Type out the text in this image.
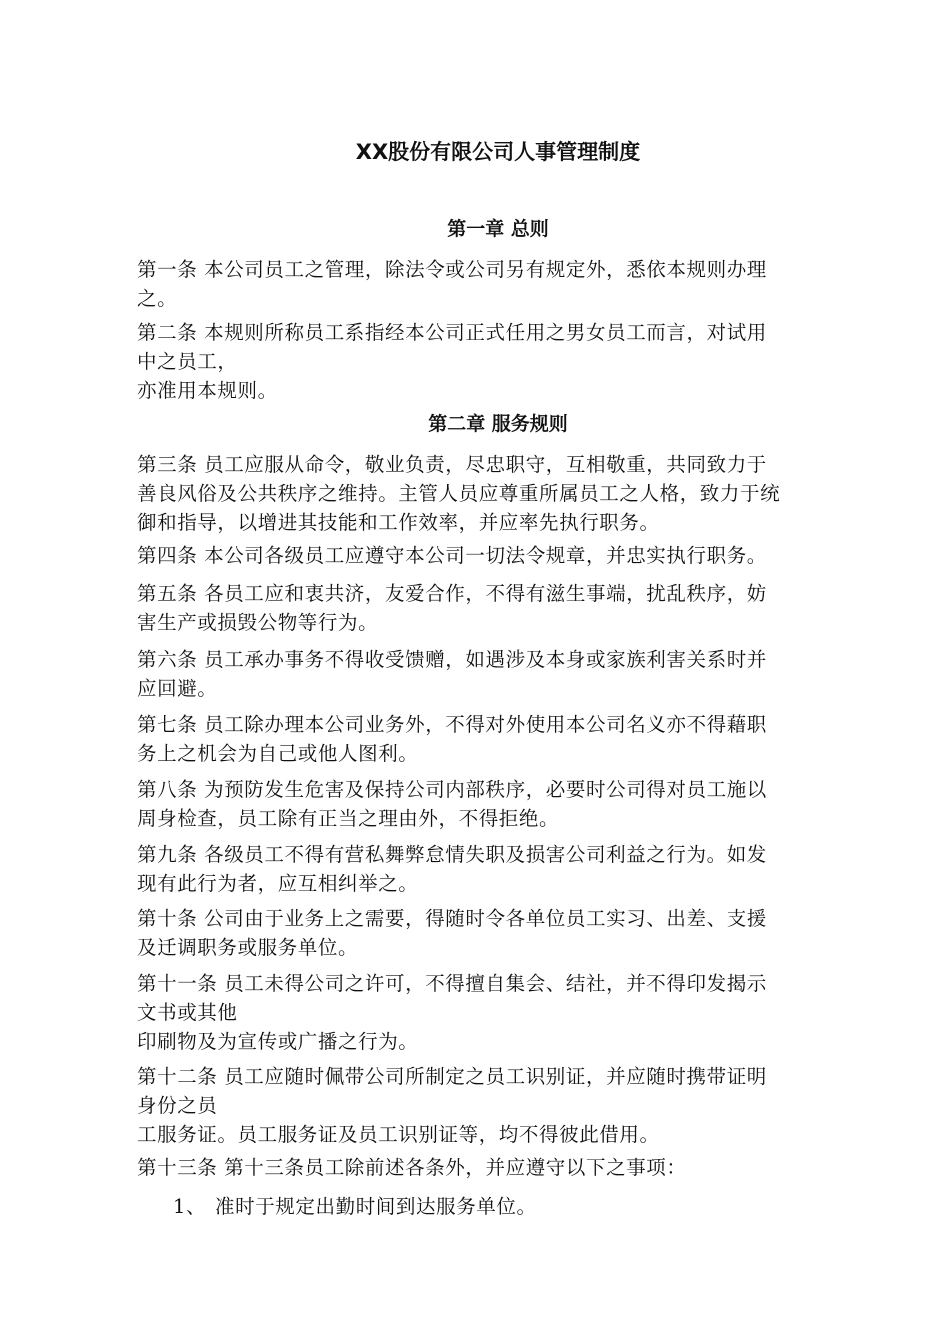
XX股份有限公司人事管理制度
第一章 总则
第一条 本公司员工之管理，除法令或公司另有规定外，悉依本规则办理
之。
第二条 本规则所称员工系指经本公司正式任用之男女员工而言，对试用
中之员工，
亦准用本规则。
第二章 服务规则
第三条 员工应服从命令，敬业负责，尽忠职守，互相敬重，共同致力于
善良风俗及公共秩序之维持。主管人员应尊重所属员工之人格，致力于统
御和指导，以增进其技能和工作效率，并应率先执行职务。
第四条 本公司各级员工应遵守本公司一切法令规章，并忠实执行职务。
第五条 各员工应和衷共济，友爱合作，不得有滋生事端，扰乱秩序，妨
害生产或损毁公物等行为。
第六条 员工承办事务不得收受馈赠，如遇涉及本身或家族利害关系时并
应回避。
第七条 员工除办理本公司业务外，不得对外使用本公司名义亦不得藉职
务上之机会为自己或他人图利。
第八条 为预防发生危害及保持公司内部秩序，必要时公司得对员工施以
周身检查，员工除有正当之理由外，不得拒绝。
第九条 各级员工不得有营私舞弊怠情失职及损害公司利益之行为。如发
现有此行为者，应互相纠举之。
第十条 公司由于业务上之需要，得随时令各单位员工实习、出差、支援
及迁调职务或服务单位。
第十一条 员工未得公司之许可，不得擅自集会、结社，并不得印发揭示
文书或其他
印刷物及为宣传或广播之行为。
第十二条 员工应随时佩带公司所制定之员工识别证，并应随时携带证明
身份之员
工服务证。员工服务证及员工识别证等，均不得彼此借用。
第十三条 第十三条员工除前述各条外，并应遵守以下之事项：
1、 准时于规定出勤时间到达服务单位。
